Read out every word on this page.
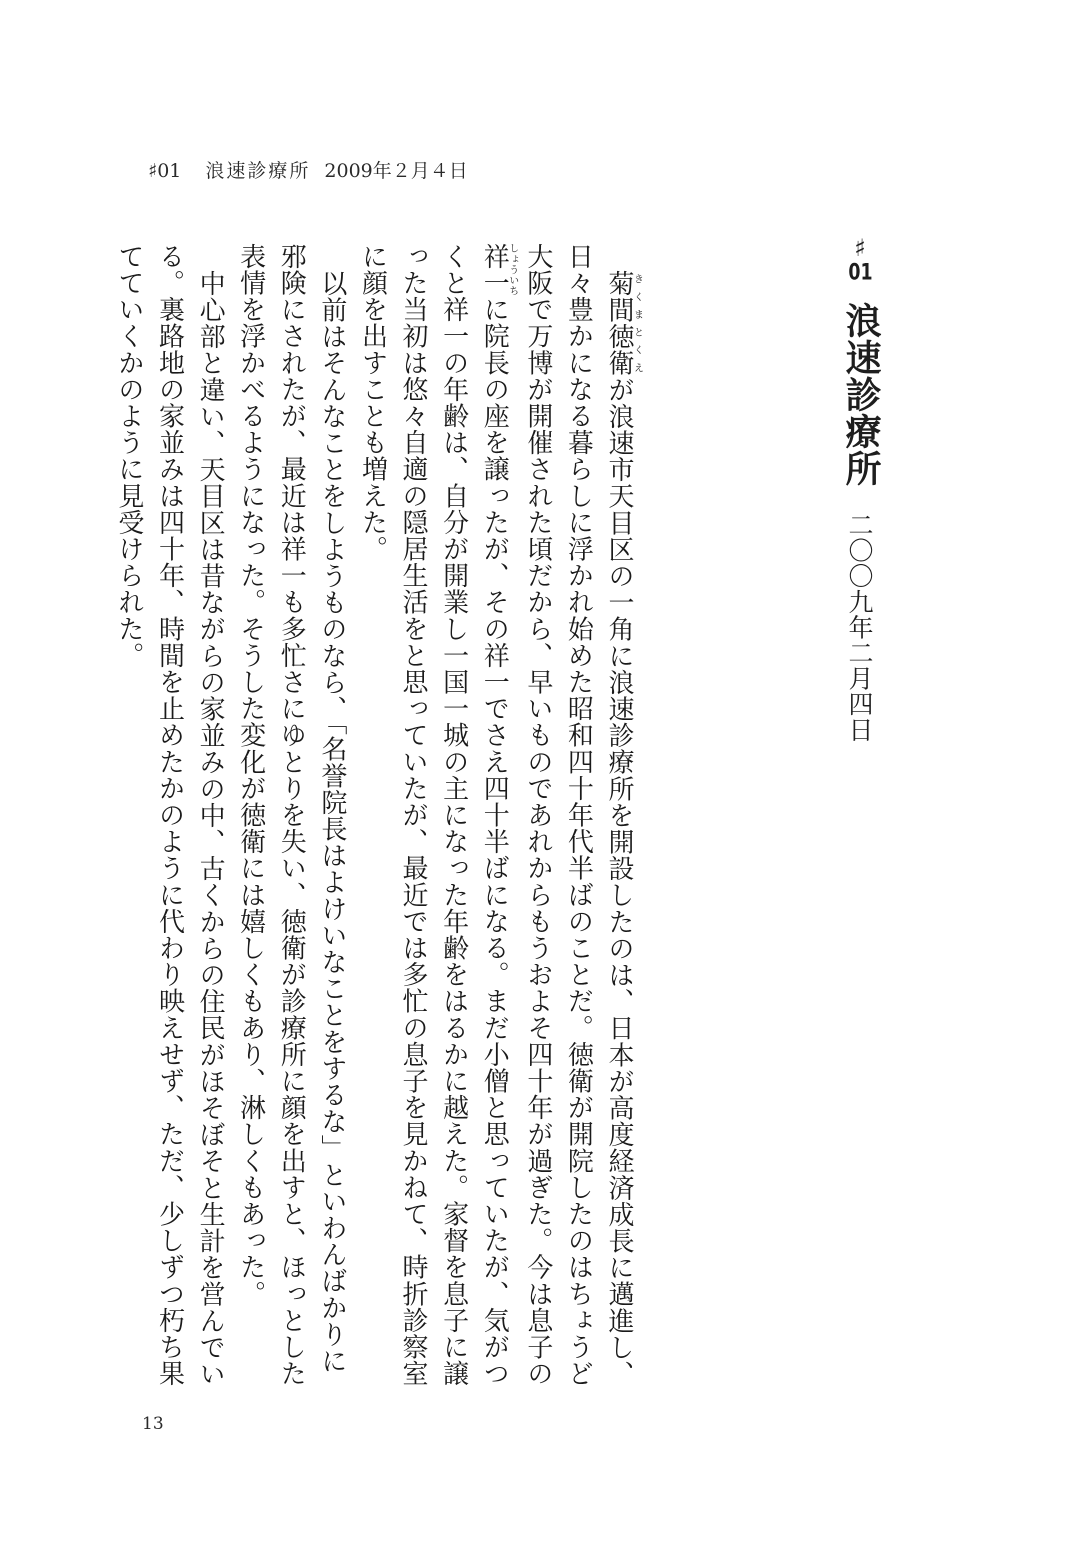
♯01 浪速診療所 2009年２月４日
♯01
浪速診療所
二〇〇九年二月四日

菊間きくま徳衛とくえが浪速市天目区の一角に浪速診療所を開設したのは、日本が高度経済成長に邁進し、

日々豊かになる暮らしに浮かれ始めた昭和四十年代半ばのことだ。徳衛が開院したのはちょうど

大阪で万博が開催された頃だから、早いものであれからもうおよそ四十年が過ぎた。今は息子の

祥一しょういちに院長の座を譲ったが、その祥一でさえ四十半ばになる。まだ小僧と思っていたが、気がつ

くと祥一の年齢は、自分が開業し一国一城の主になった年齢をはるかに越えた。家督を息子に譲

った当初は悠々自適の隠居生活をと思っていたが、最近では多忙の息子を見かねて、時折診察室

に顔を出すことも増えた。

以前はそんなことをしようものなら、「名誉院長はよけいなことをするな」といわんばかりに

邪険にされたが、最近は祥一も多忙さにゆとりを失い、徳衛が診療所に顔を出すと、ほっとした

表情を浮かべるようになった。そうした変化が徳衛には嬉しくもあり、淋しくもあった。

中心部と違い、天目区は昔ながらの家並みの中、古くからの住民がほそぼそと生計を営んでい

る。裏路地の家並みは四十年、時間を止めたかのように代わり映えせず、ただ、少しずつ朽ち果

てていくかのように見受けられた。

13
